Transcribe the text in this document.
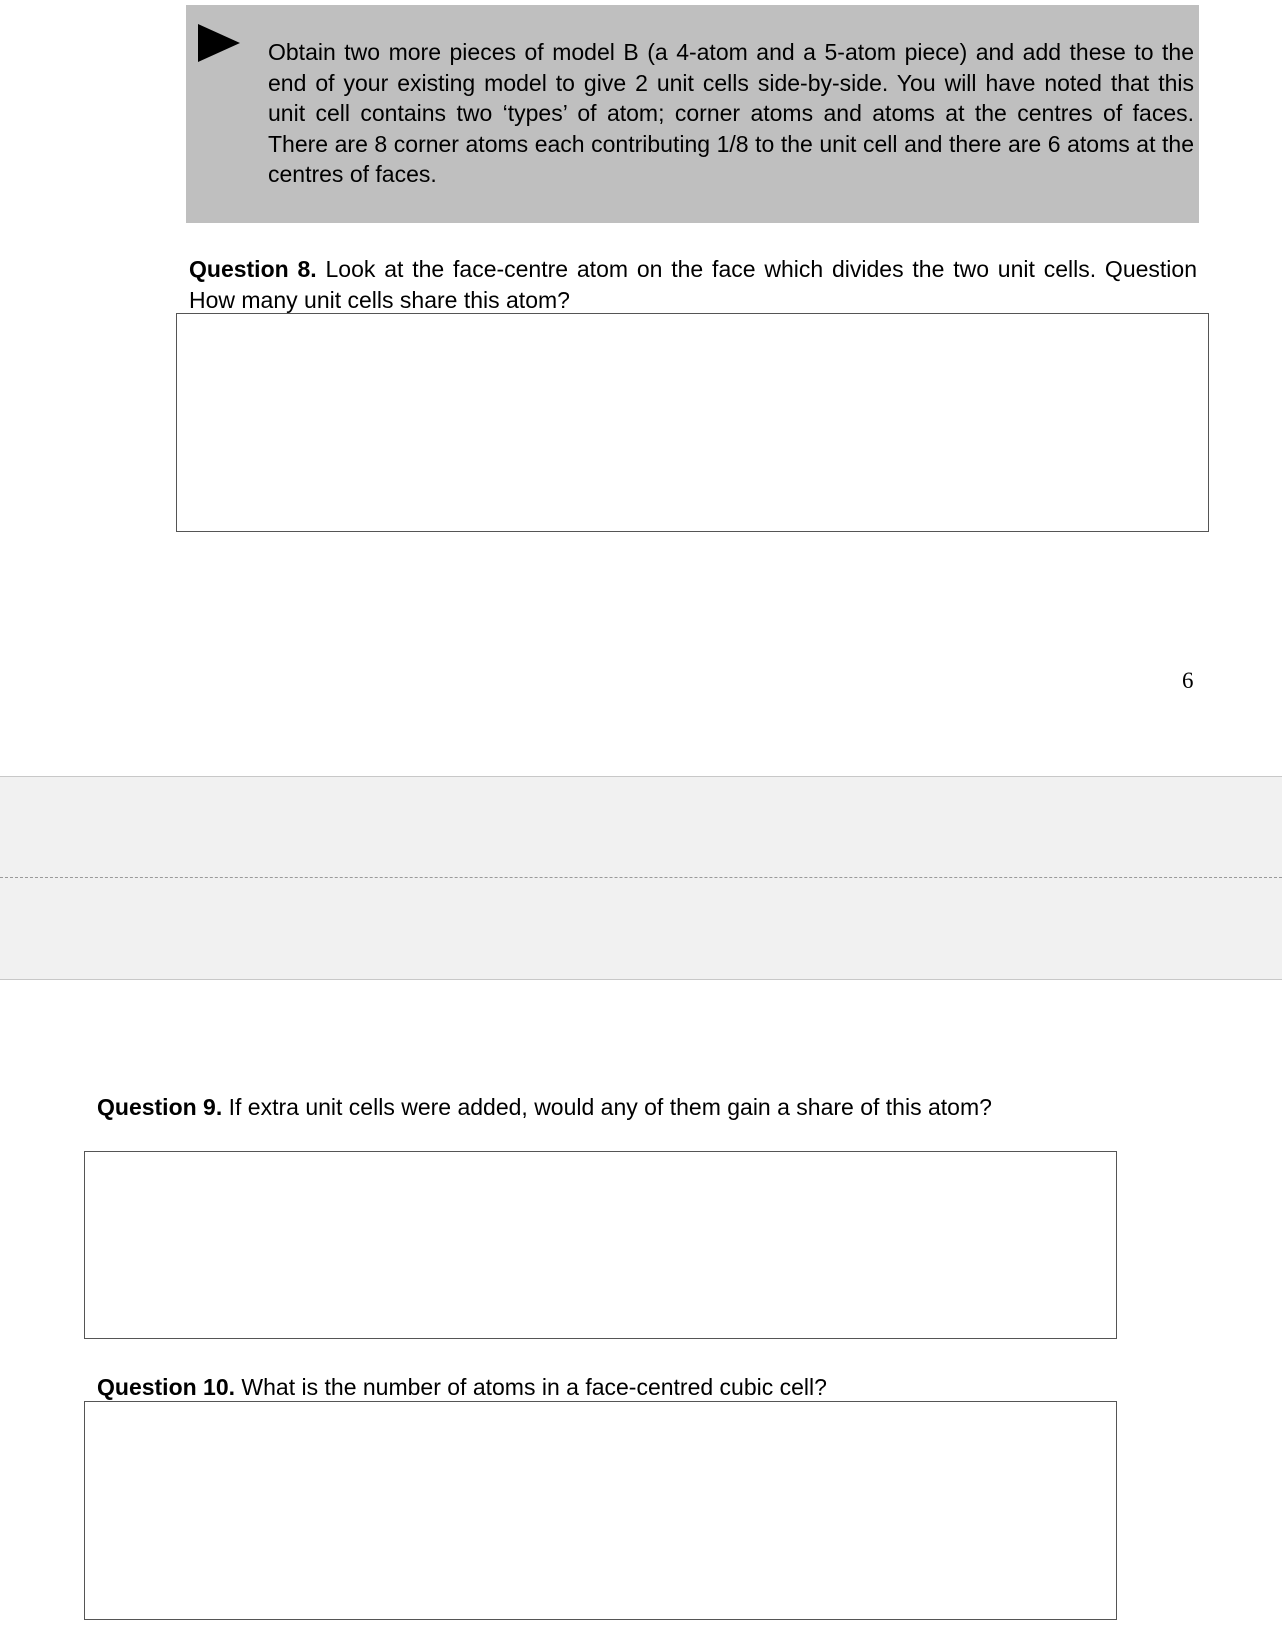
Obtain two more pieces of model B (a 4-atom and a 5-atom piece) and add these to the end of your existing model to give 2 unit cells side-by-side. You will have noted that this unit cell contains two ‘types’ of atom; corner atoms and atoms at the centres of faces. There are 8 corner atoms each contributing 1/8 to the unit cell and there are 6 atoms at the centres of faces.
Question 8. Look at the face-centre atom on the face which divides the two unit cells. Question How many unit cells share this atom?
6
Question 9. If extra unit cells were added, would any of them gain a share of this atom?
Question 10. What is the number of atoms in a face-centred cubic cell?
